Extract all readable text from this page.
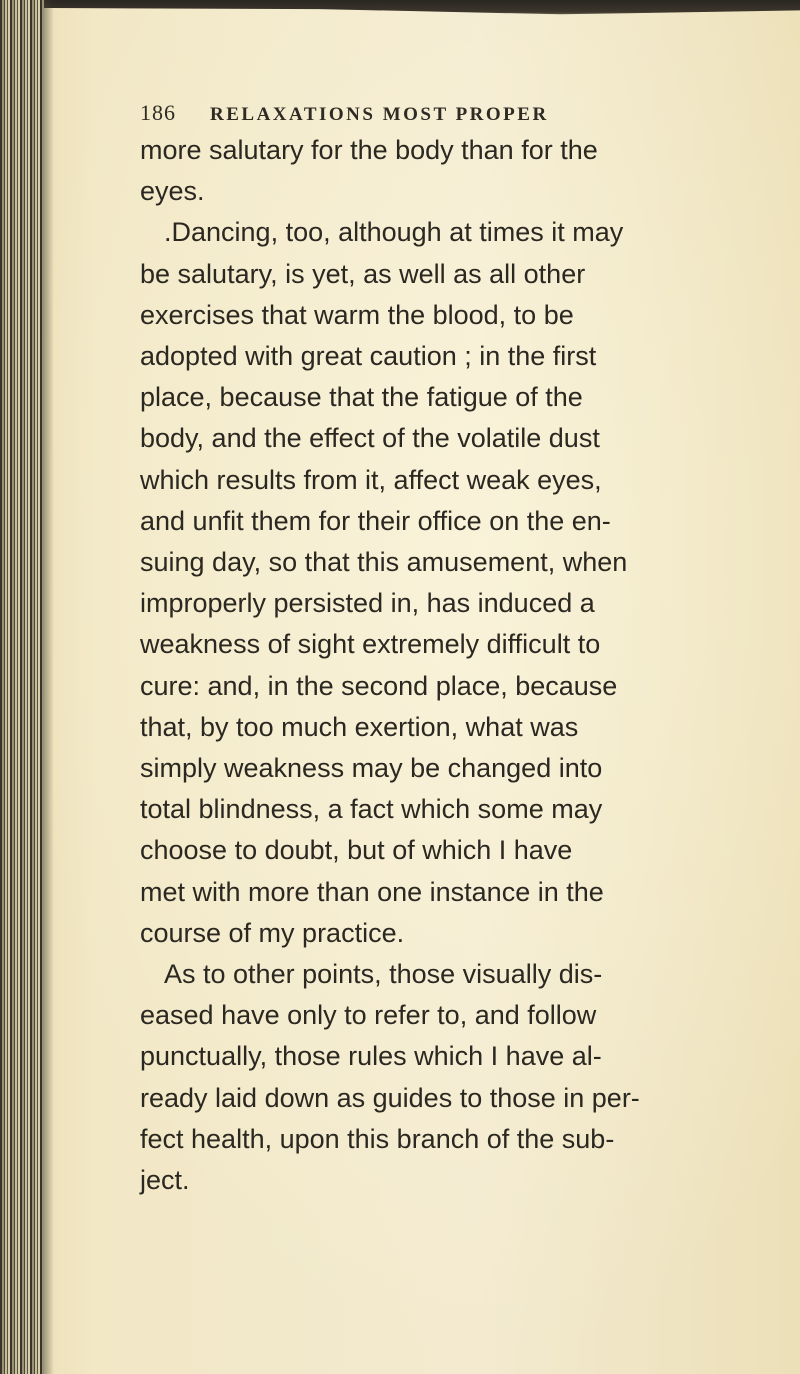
186	RELAXATIONS MOST PROPER
more salutary for the body than for the
eyes.
.Dancing, too, although at times it may
be salutary, is yet, as well as all other
exercises that warm the blood, to be
adopted with great caution ; in the first
place, because that the fatigue of the
body, and the effect of the volatile dust
which results from it, affect weak eyes,
and unfit them for their office on the en-
suing day, so that this amusement, when
improperly persisted in, has induced a
weakness of sight extremely difficult to
cure: and, in the second place, because
that, by too much exertion, what was
simply weakness may be changed into
total blindness, a fact which some may
choose to doubt, but of which I have
met with more than one instance in the
course of my practice.
As to other points, those visually dis-
eased have only to refer to, and follow
punctually, those rules which I have al-
ready laid down as guides to those in per-
fect health, upon this branch of the sub-
ject.
